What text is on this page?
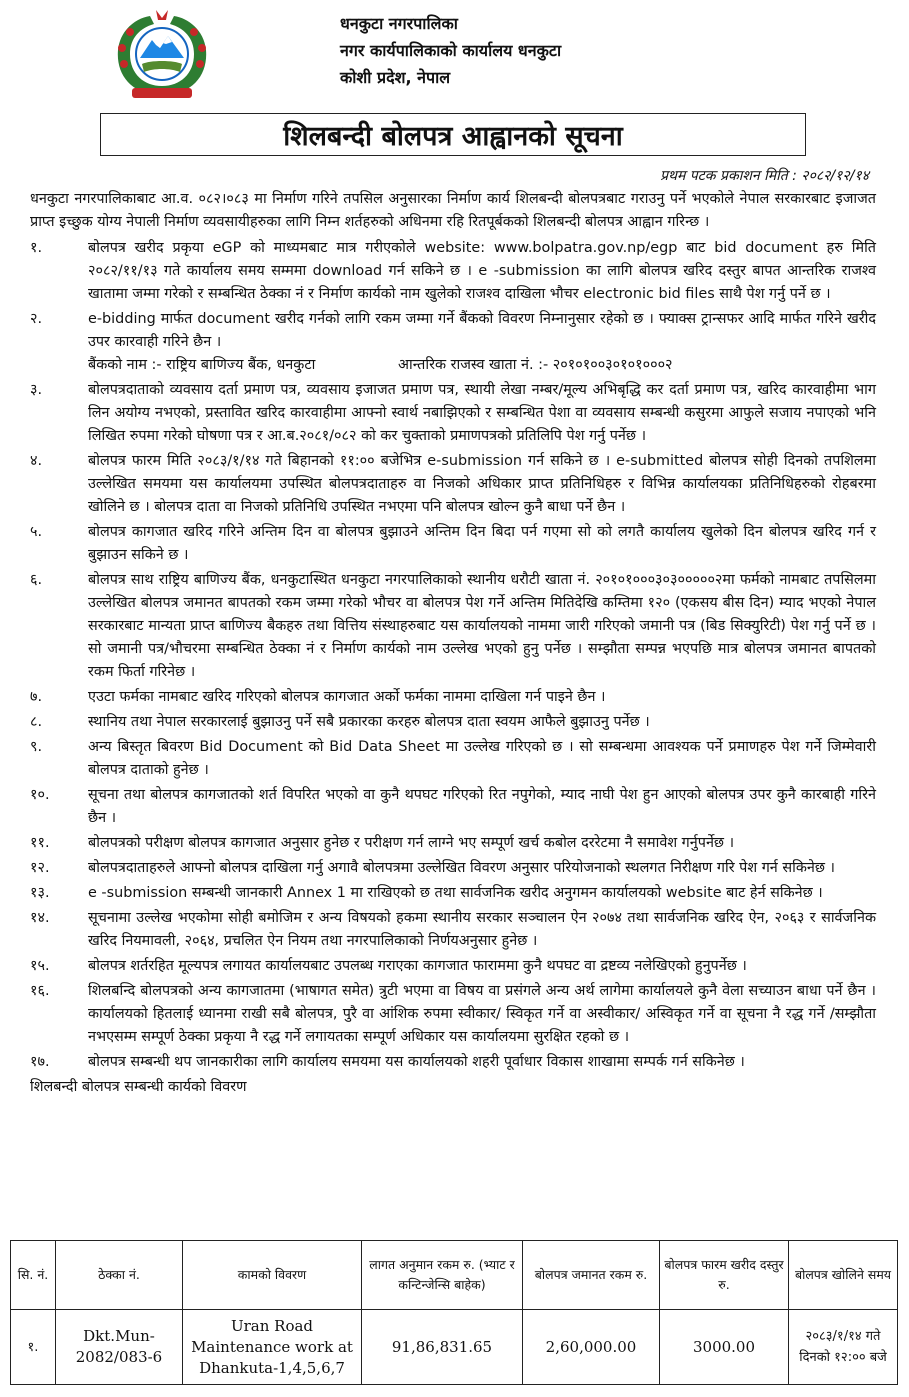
धनकुटा नगरपालिका
नगर कार्यपालिकाको कार्यालय धनकुटा
कोशी प्रदेश, नेपाल
शिलबन्दी बोलपत्र आह्वानको सूचना
प्रथम पटक प्रकाशन मिति : २०८२/१२/१४

धनकुटा नगरपालिकाबाट आ.व. ०८२।०८३ मा निर्माण गरिने तपसिल अनुसारका निर्माण कार्य शिलबन्दी बोलपत्रबाट गराउनु पर्ने भएकोले नेपाल सरकारबाट इजाजत प्राप्त इच्छुक योग्य नेपाली निर्माण व्यवसायीहरुका लागि निम्न शर्तहरुको अधिनमा रहि रितपूर्बकको शिलबन्दी बोलपत्र आह्वान गरिन्छ ।

१.	बोलपत्र खरीद प्रकृया eGP को माध्यमबाट मात्र गरीएकोले website: www.bolpatra.gov.np/egp बाट bid document हरु मिति २०८२/११/१३ गते कार्यालय समय सम्ममा download गर्न सकिने छ । e -submission का लागि बोलपत्र खरिद दस्तुर बापत आन्तरिक राजश्व खातामा जम्मा गरेको र सम्बन्धित ठेक्का नं र निर्माण कार्यको नाम खुलेको राजश्व दाखिला भौचर electronic bid files साथै पेश गर्नु पर्ने छ ।
२.	e-bidding मार्फत document खरीद गर्नको लागि रकम जम्मा गर्ने बैंकको विवरण निम्नानुसार रहेको छ । फ्याक्स ट्रान्सफर आदि मार्फत गरिने खरीद उपर कारवाही गरिने छैन ।
बैंकको नाम :- राष्ट्रिय बाणिज्य बैंक, धनकुटा	आन्तरिक राजस्व खाता नं. :- २०१०१००३०१०१०००२
३.	बोलपत्रदाताको व्यवसाय दर्ता प्रमाण पत्र, व्यवसाय इजाजत प्रमाण पत्र, स्थायी लेखा नम्बर/मूल्य अभिबृद्धि कर दर्ता प्रमाण पत्र, खरिद कारवाहीमा भाग लिन अयोग्य नभएको, प्रस्तावित खरिद कारवाहीमा आफ्नो स्वार्थ नबाझिएको र सम्बन्धित पेशा वा व्यवसाय सम्बन्धी कसुरमा आफुले सजाय नपाएको भनि लिखित रुपमा गरेको घोषणा पत्र र आ.ब.२०८१/०८२ को कर चुक्ताको प्रमाणपत्रको प्रतिलिपि पेश गर्नु पर्नेछ ।
४.	बोलपत्र फारम मिति २०८३/१/१४ गते बिहानको ११:०० बजेभित्र e-submission गर्न सकिने छ । e-submitted बोलपत्र सोही दिनको तपशिलमा उल्लेखित समयमा यस कार्यालयमा उपस्थित बोलपत्रदाताहरु वा निजको अधिकार प्राप्त प्रतिनिधिहरु र विभिन्न कार्यालयका प्रतिनिधिहरुको रोहबरमा खोलिने छ । बोलपत्र दाता वा निजको प्रतिनिधि उपस्थित नभएमा पनि बोलपत्र खोल्न कुनै बाधा पर्ने छैन ।
५.	बोलपत्र कागजात खरिद गरिने अन्तिम दिन वा बोलपत्र बुझाउने अन्तिम दिन बिदा पर्न गएमा सो को लगतै कार्यालय खुलेको दिन बोलपत्र खरिद गर्न र बुझाउन सकिने छ ।
६.	बोलपत्र साथ राष्ट्रिय बाणिज्य बैंक, धनकुटास्थित धनकुटा नगरपालिकाको स्थानीय धरौटी खाता नं. २०१०१०००३०३०००००२मा फर्मको नामबाट तपसिलमा उल्लेखित बोलपत्र जमानत बापतको रकम जम्मा गरेको भौचर वा बोलपत्र पेश गर्ने अन्तिम मितिदेखि कम्तिमा १२० (एकसय बीस दिन) म्याद भएको नेपाल सरकारबाट मान्यता प्राप्त बाणिज्य बैकहरु तथा वित्तिय संस्थाहरुबाट यस कार्यालयको नाममा जारी गरिएको जमानी पत्र (बिड सिक्युरिटी) पेश गर्नु पर्ने छ । सो जमानी पत्र/भौचरमा सम्बन्धित ठेक्का नं र निर्माण कार्यको नाम उल्लेख भएको हुनु पर्नेछ । सम्झौता सम्पन्न भएपछि मात्र बोलपत्र जमानत बापतको रकम फिर्ता गरिनेछ ।
७.	एउटा फर्मका नामबाट खरिद गरिएको बोलपत्र कागजात अर्को फर्मका नाममा दाखिला गर्न पाइने छैन ।
८.	स्थानिय तथा नेपाल सरकारलाई बुझाउनु पर्ने सबै प्रकारका करहरु बोलपत्र दाता स्वयम आफैले बुझाउनु पर्नेछ ।
९.	अन्य बिस्तृत बिवरण Bid Document को Bid Data Sheet मा उल्लेख गरिएको छ । सो सम्बन्धमा आवश्यक पर्ने प्रमाणहरु पेश गर्ने जिम्मेवारी बोलपत्र दाताको हुनेछ ।
१०.	सूचना तथा बोलपत्र कागजातको शर्त विपरित भएको वा कुनै थपघट गरिएको रित नपुगेको, म्याद नाघी पेश हुन आएको बोलपत्र उपर कुनै कारबाही गरिने छैन ।
११.	बोलपत्रको परीक्षण बोलपत्र कागजात अनुसार हुनेछ र परीक्षण गर्न लाग्ने भए सम्पूर्ण खर्च कबोल दररेटमा नै समावेश गर्नुपर्नेछ ।
१२.	बोलपत्रदाताहरुले आफ्नो बोलपत्र दाखिला गर्नु अगावै बोलपत्रमा उल्लेखित विवरण अनुसार परियोजनाको स्थलगत निरीक्षण गरि पेश गर्न सकिनेछ ।
१३.	e -submission सम्बन्धी जानकारी Annex 1 मा राखिएको छ तथा सार्वजनिक खरीद अनुगमन कार्यालयको website बाट हेर्न सकिनेछ ।
१४.	सूचनामा उल्लेख भएकोमा सोही बमोजिम र अन्य विषयको हकमा स्थानीय सरकार सञ्चालन ऐन २०७४ तथा सार्वजनिक खरिद ऐन, २०६३ र सार्वजनिक खरिद नियमावली, २०६४, प्रचलित ऐन नियम तथा नगरपालिकाको निर्णयअनुसार हुनेछ ।
१५.	बोलपत्र शर्तरहित मूल्यपत्र लगायत कार्यालयबाट उपलब्ध गराएका कागजात फाराममा कुनै थपघट वा द्रष्टव्य नलेखिएको हुनुपर्नेछ ।
१६.	शिलबन्दि बोलपत्रको अन्य कागजातमा (भाषागत समेत) त्रुटी भएमा वा विषय वा प्रसंगले अन्य अर्थ लागेमा कार्यालयले कुनै वेला सच्याउन बाधा पर्ने छैन । कार्यालयको हितलाई ध्यानमा राखी सबै बोलपत्र, पुरै वा आंशिक रुपमा स्वीकार/ स्विकृत गर्ने वा अस्वीकार/ अस्विकृत गर्ने वा सूचना नै रद्ध गर्ने /सम्झौता नभएसम्म सम्पूर्ण ठेक्का प्रकृया नै रद्ध गर्ने लगायतका सम्पूर्ण अधिकार यस कार्यालयमा सुरक्षित रहको छ ।
१७.	बोलपत्र सम्बन्धी थप जानकारीका लागि कार्यालय समयमा यस कार्यालयको शहरी पूर्वाधार विकास शाखामा सम्पर्क गर्न सकिनेछ ।

शिलबन्दी बोलपत्र सम्बन्धी कार्यको विवरण

सि. नं.	ठेक्का नं.	कामको विवरण	लागत अनुमान रकम रु. (भ्याट र कन्टिन्जेन्सि बाहेक)	बोलपत्र जमानत रकम रु.	बोलपत्र फारम खरीद दस्तुर रु.	बोलपत्र खोलिने समय
१.	Dkt.Mun-2082/083-6	Uran Road Maintenance work at Dhankuta-1,4,5,6,7	91,86,831.65	2,60,000.00	3000.00	२०८३/१/१४ गते दिनको १२:०० बजे
